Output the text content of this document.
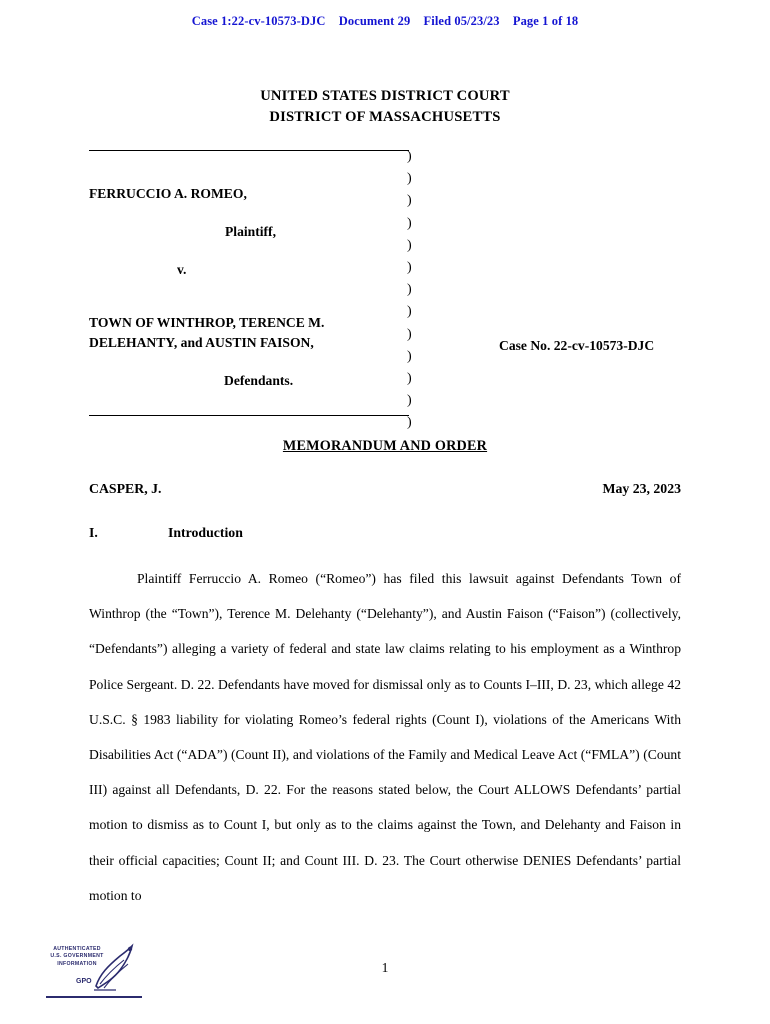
Case 1:22-cv-10573-DJC Document 29 Filed 05/23/23 Page 1 of 18
UNITED STATES DISTRICT COURT
DISTRICT OF MASSACHUSETTS
)
)
)
)
)
)
)
)
)
)
)
)
)
FERRUCCIO A. ROMEO,
Plaintiff,
v.
TOWN OF WINTHROP, TERENCE M. DELEHANTY, and AUSTIN FAISON,
Defendants.
Case No. 22-cv-10573-DJC
MEMORANDUM AND ORDER
CASPER, J.	May 23, 2023
I.	Introduction
Plaintiff Ferruccio A. Romeo (“Romeo”) has filed this lawsuit against Defendants Town of Winthrop (the “Town”), Terence M. Delehanty (“Delehanty”), and Austin Faison (“Faison”) (collectively, “Defendants”) alleging a variety of federal and state law claims relating to his employment as a Winthrop Police Sergeant. D. 22. Defendants have moved for dismissal only as to Counts I–III, D. 23, which allege 42 U.S.C. § 1983 liability for violating Romeo’s federal rights (Count I), violations of the Americans With Disabilities Act (“ADA”) (Count II), and violations of the Family and Medical Leave Act (“FMLA”) (Count III) against all Defendants, D. 22. For the reasons stated below, the Court ALLOWS Defendants’ partial motion to dismiss as to Count I, but only as to the claims against the Town, and Delehanty and Faison in their official capacities; Count II; and Count III. D. 23. The Court otherwise DENIES Defendants’ partial motion to
1
AUTHENTICATED
U.S. GOVERNMENT
INFORMATION
GPO
